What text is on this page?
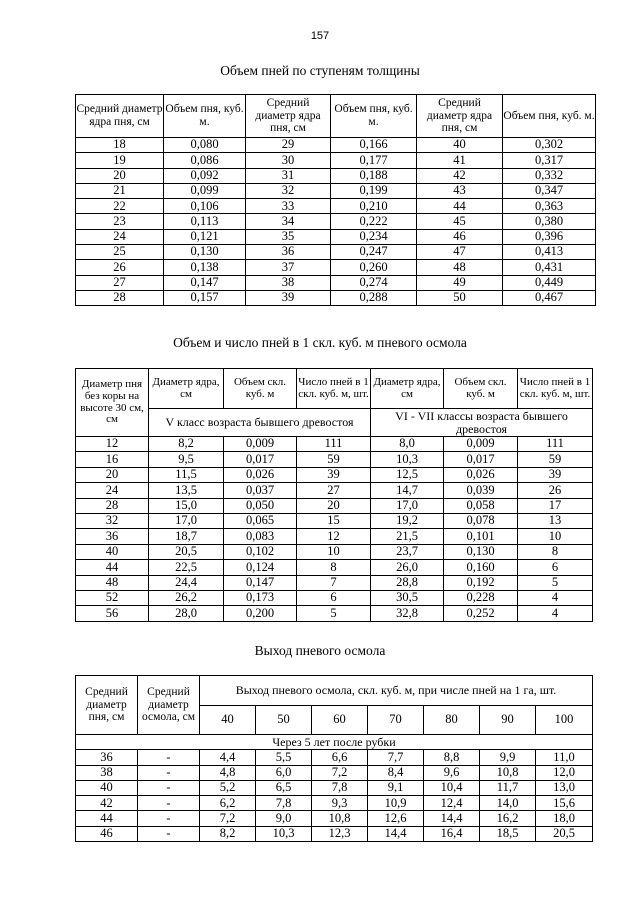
157
Объем пней по ступеням толщины
Средний диаметр ядра пня, см	Объем пня, куб. м.	Средний диаметр ядра пня, см	Объем пня, куб. м.	Средний диаметр ядра пня, см	Объем пня, куб. м.
18	0,080	29	0,166	40	0,302
19	0,086	30	0,177	41	0,317
20	0,092	31	0,188	42	0,332
21	0,099	32	0,199	43	0,347
22	0,106	33	0,210	44	0,363
23	0,113	34	0,222	45	0,380
24	0,121	35	0,234	46	0,396
25	0,130	36	0,247	47	0,413
26	0,138	37	0,260	48	0,431
27	0,147	38	0,274	49	0,449
28	0,157	39	0,288	50	0,467
Объем и число пней в 1 скл. куб. м пневого осмола
Диаметр пня без коры на высоте 30 см, см	Диаметр ядра, см	Объем скл. куб. м	Число пней в 1 скл. куб. м, шт.	Диаметр ядра, см	Объем скл. куб. м	Число пней в 1 скл. куб. м, шт.
	V класс возраста бывшего древостоя			VI - VII классы возраста бывшего древостоя		
12	8,2	0,009	111	8,0	0,009	111
16	9,5	0,017	59	10,3	0,017	59
20	11,5	0,026	39	12,5	0,026	39
24	13,5	0,037	27	14,7	0,039	26
28	15,0	0,050	20	17,0	0,058	17
32	17,0	0,065	15	19,2	0,078	13
36	18,7	0,083	12	21,5	0,101	10
40	20,5	0,102	10	23,7	0,130	8
44	22,5	0,124	8	26,0	0,160	6
48	24,4	0,147	7	28,8	0,192	5
52	26,2	0,173	6	30,5	0,228	4
56	28,0	0,200	5	32,8	0,252	4
Выход пневого осмола
Средний диаметр пня, см	Средний диаметр осмола, см	Выход пневого осмола, скл. куб. м, при числе пней на 1 га, шт.						
		40	50	60	70	80	90	100
Через 5 лет после рубки								
36	-	4,4	5,5	6,6	7,7	8,8	9,9	11,0
38	-	4,8	6,0	7,2	8,4	9,6	10,8	12,0
40	-	5,2	6,5	7,8	9,1	10,4	11,7	13,0
42	-	6,2	7,8	9,3	10,9	12,4	14,0	15,6
44	-	7,2	9,0	10,8	12,6	14,4	16,2	18,0
46	-	8,2	10,3	12,3	14,4	16,4	18,5	20,5
